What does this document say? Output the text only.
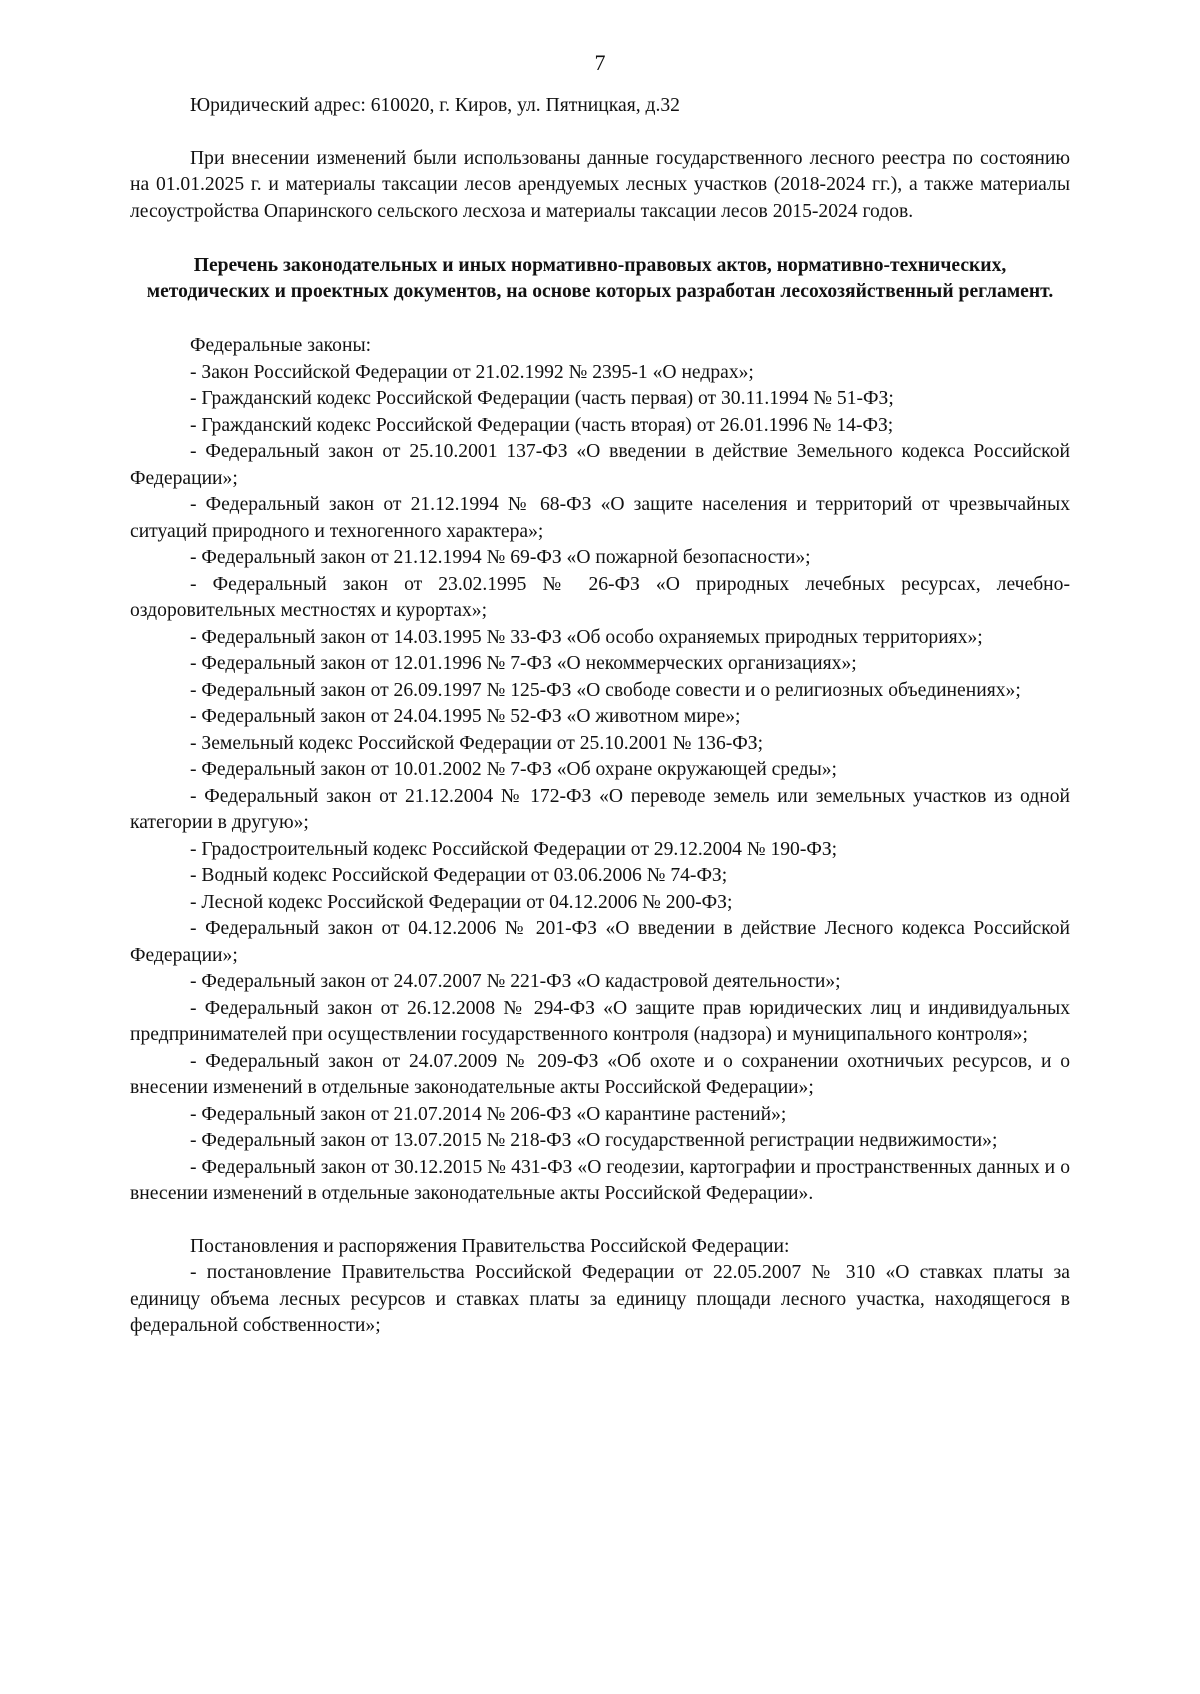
7

Юридический адрес: 610020, г. Киров, ул. Пятницкая, д.32

При внесении изменений были использованы данные государственного лесного реестра по состоянию на 01.01.2025 г. и материалы таксации лесов арендуемых лесных участков (2018-2024 гг.), а также материалы лесоустройства Опаринского сельского лесхоза и материалы таксации лесов 2015-2024 годов.

Перечень законодательных и иных нормативно-правовых актов, нормативно-технических, методических и проектных документов, на основе которых разработан лесохозяйственный регламент.

Федеральные законы:

- Закон Российской Федерации от 21.02.1992 № 2395-1 «О недрах»;

- Гражданский кодекс Российской Федерации (часть первая) от 30.11.1994 № 51-ФЗ;

- Гражданский кодекс Российской Федерации (часть вторая) от 26.01.1996 № 14-ФЗ;

- Федеральный закон от 25.10.2001 137-ФЗ «О введении в действие Земельного кодекса Российской Федерации»;

- Федеральный закон от 21.12.1994 № 68-ФЗ «О защите населения и территорий от чрезвычайных ситуаций природного и техногенного характера»;

- Федеральный закон от 21.12.1994 № 69-ФЗ «О пожарной безопасности»;

- Федеральный закон от 23.02.1995 № 26-ФЗ «О природных лечебных ресурсах, лечебно-оздоровительных местностях и курортах»;

- Федеральный закон от 14.03.1995 № 33-ФЗ «Об особо охраняемых природных территориях»;

- Федеральный закон от 12.01.1996 № 7-ФЗ «О некоммерческих организациях»;

- Федеральный закон от 26.09.1997 № 125-ФЗ «О свободе совести и о религиозных объединениях»;

- Федеральный закон от 24.04.1995 № 52-ФЗ «О животном мире»;

- Земельный кодекс Российской Федерации от 25.10.2001 № 136-ФЗ;

- Федеральный закон от 10.01.2002 № 7-ФЗ «Об охране окружающей среды»;

- Федеральный закон от 21.12.2004 № 172-ФЗ «О переводе земель или земельных участков из одной категории в другую»;

- Градостроительный кодекс Российской Федерации от 29.12.2004 № 190-ФЗ;

- Водный кодекс Российской Федерации от 03.06.2006 № 74-ФЗ;

- Лесной кодекс Российской Федерации от 04.12.2006 № 200-ФЗ;

- Федеральный закон от 04.12.2006 № 201-ФЗ «О введении в действие Лесного кодекса Российской Федерации»;

- Федеральный закон от 24.07.2007 № 221-ФЗ «О кадастровой деятельности»;

- Федеральный закон от 26.12.2008 № 294-ФЗ «О защите прав юридических лиц и индивидуальных предпринимателей при осуществлении государственного контроля (надзора) и муниципального контроля»;

- Федеральный закон от 24.07.2009 № 209-ФЗ «Об охоте и о сохранении охотничьих ресурсов, и о внесении изменений в отдельные законодательные акты Российской Федерации»;

- Федеральный закон от 21.07.2014 № 206-ФЗ «О карантине растений»;

- Федеральный закон от 13.07.2015 № 218-ФЗ «О государственной регистрации недвижимости»;

- Федеральный закон от 30.12.2015 № 431-ФЗ «О геодезии, картографии и пространственных данных и о внесении изменений в отдельные законодательные акты Российской Федерации».

Постановления и распоряжения Правительства Российской Федерации:

- постановление Правительства Российской Федерации от 22.05.2007 № 310 «О ставках платы за единицу объема лесных ресурсов и ставках платы за единицу площади лесного участка, находящегося в федеральной собственности»;
